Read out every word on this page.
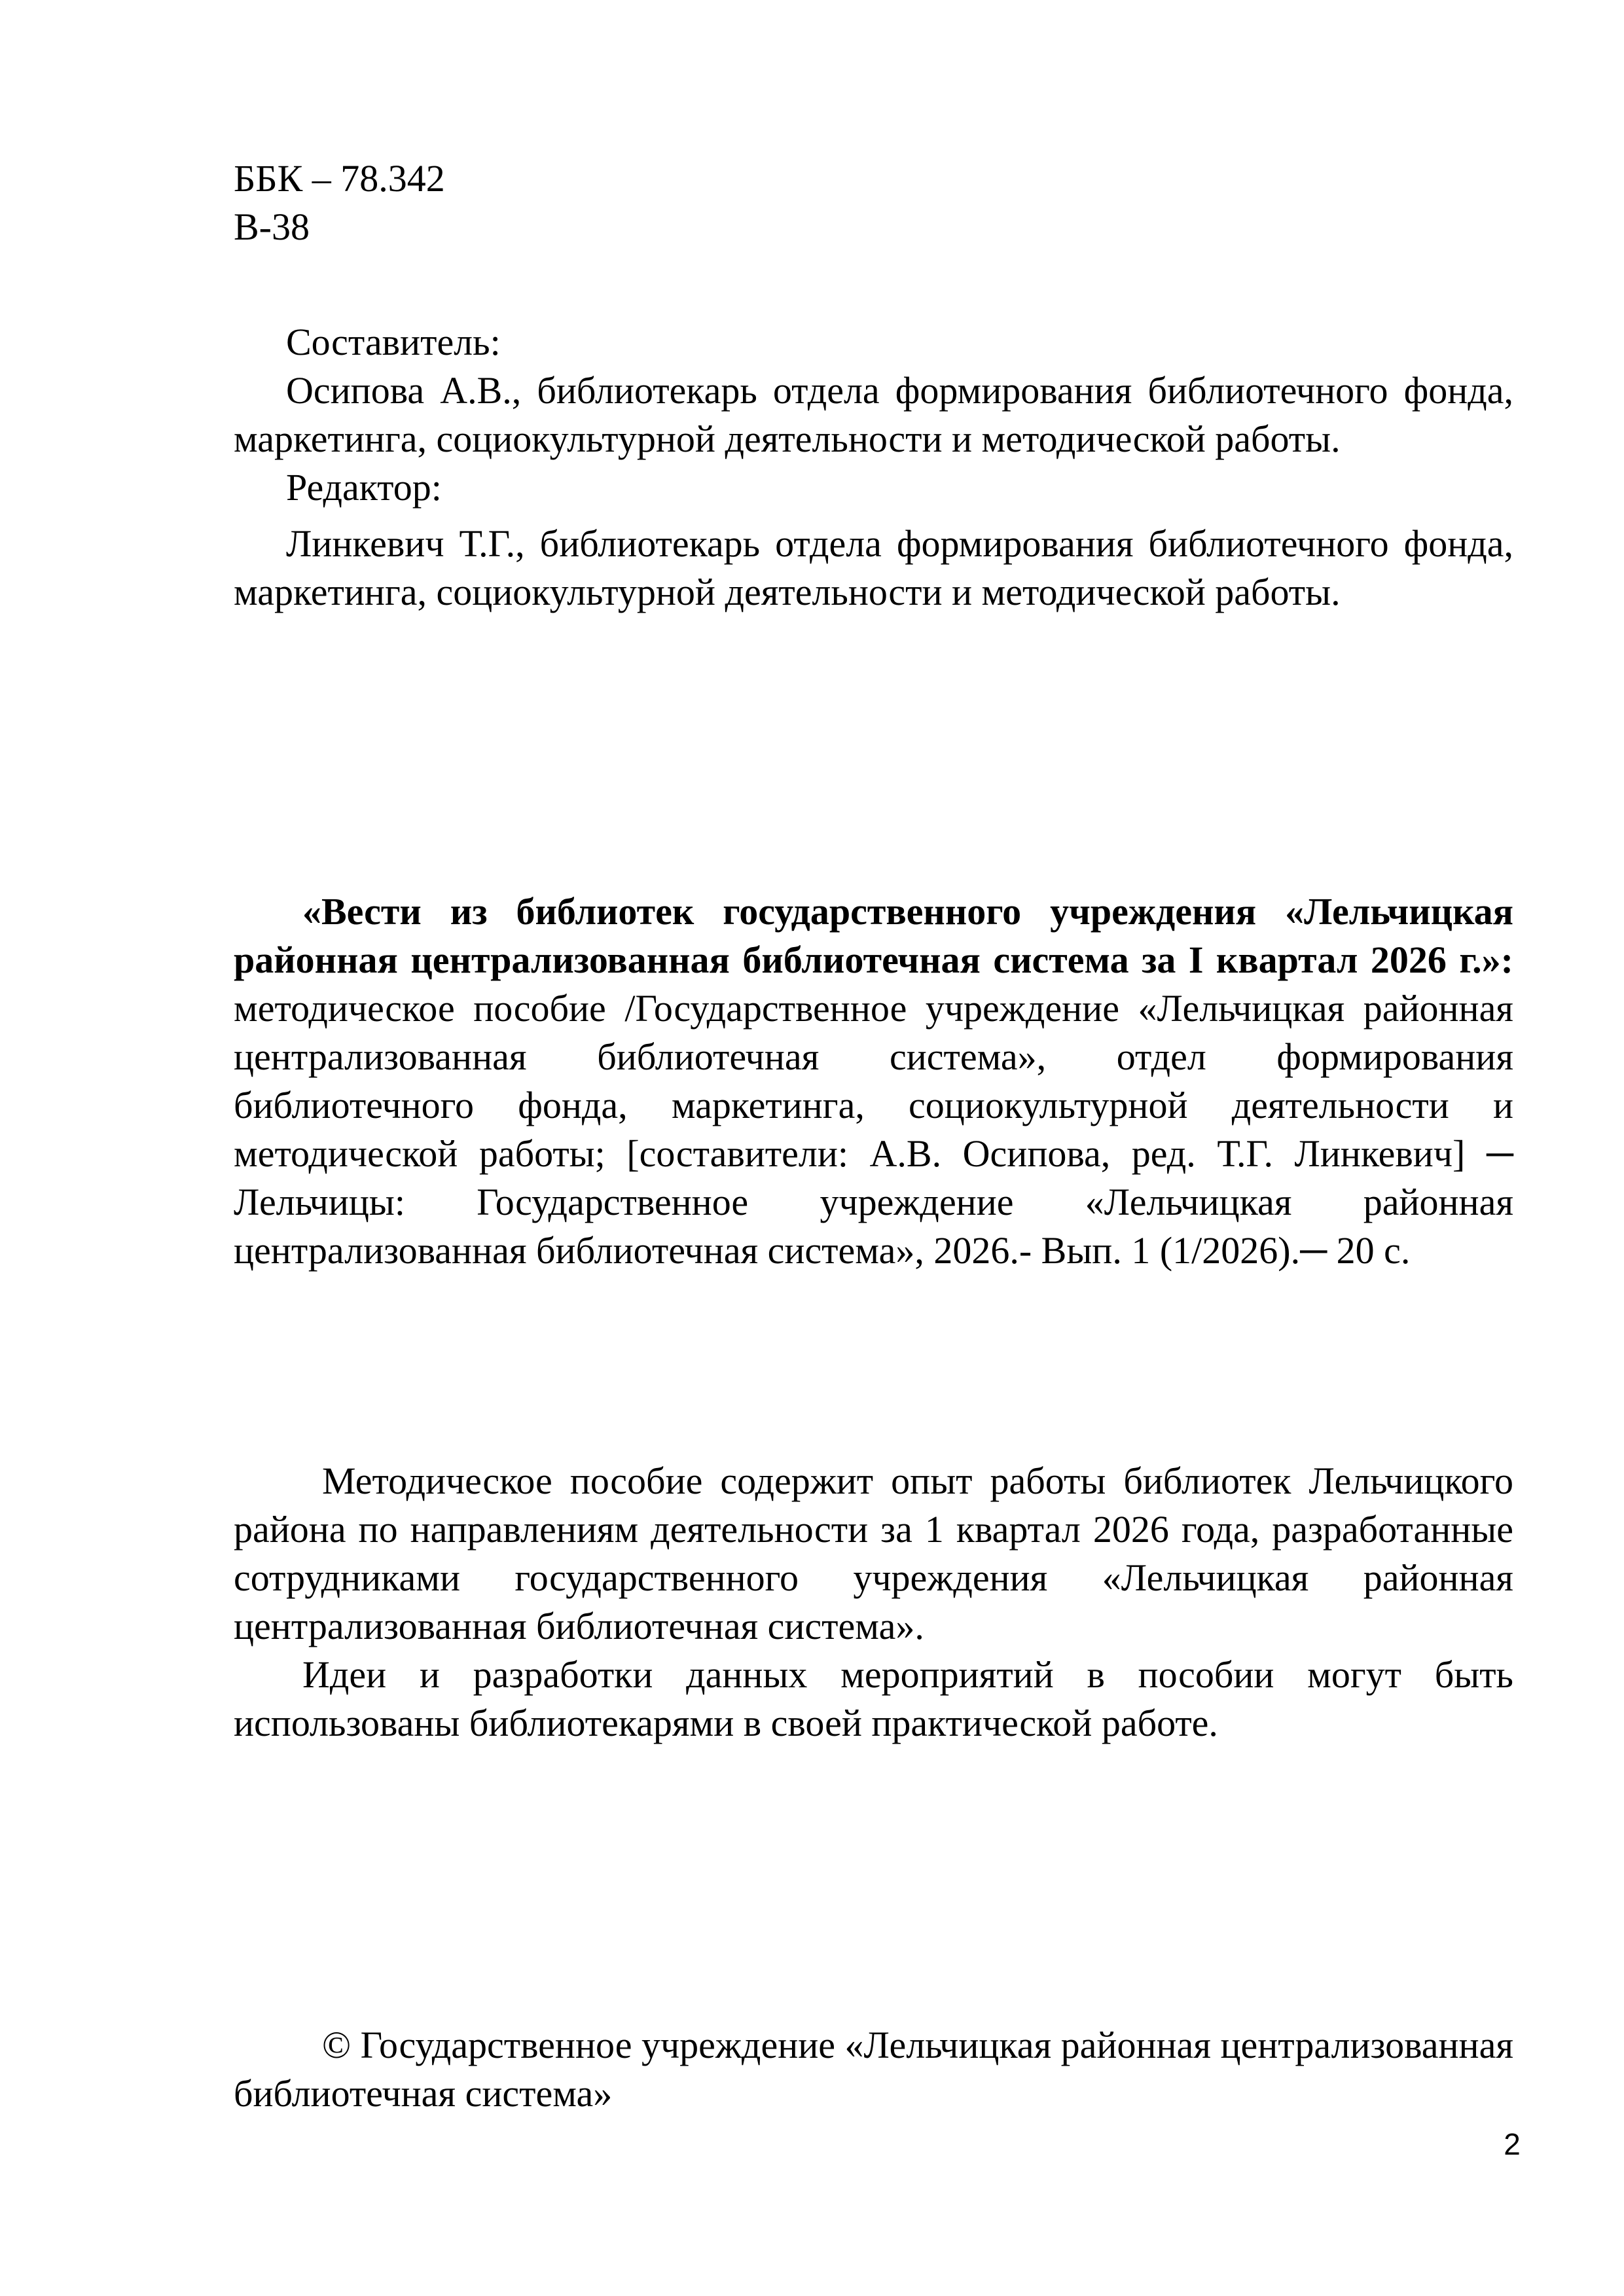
ББК – 78.342
В-38
Составитель:
Осипова А.В., библиотекарь отдела формирования библиотечного фонда, маркетинга, социокультурной деятельности и методической работы.
Редактор:
Линкевич Т.Г., библиотекарь отдела формирования библиотечного фонда, маркетинга, социокультурной деятельности и методической работы.
«Вести из библиотек государственного учреждения «Лельчицкая районная централизованная библиотечная система за I квартал 2026 г.»: методическое пособие /Государственное учреждение «Лельчицкая районная централизованная библиотечная система», отдел формирования библиотечного фонда, маркетинга, социокультурной деятельности и методической работы; [составители: А.В. Осипова, ред. Т.Г. Линкевич] ─ Лельчицы: Государственное учреждение «Лельчицкая районная централизованная библиотечная система», 2026.- Вып. 1 (1/2026).─ 20 с.
Методическое пособие содержит опыт работы библиотек Лельчицкого района по направлениям деятельности за 1 квартал 2026 года, разработанные сотрудниками государственного учреждения «Лельчицкая районная централизованная библиотечная система».
Идеи и разработки данных мероприятий в пособии могут быть использованы библиотекарями в своей практической работе.
© Государственное учреждение «Лельчицкая районная централизованная библиотечная система»
2
